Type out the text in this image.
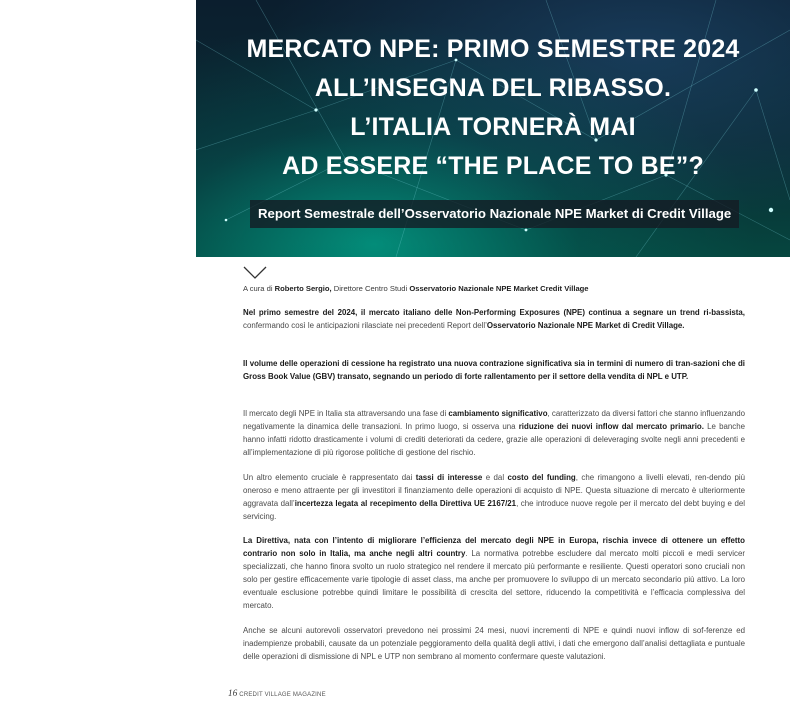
MERCATO NPE: PRIMO SEMESTRE 2024
ALL’INSEGNA DEL RIBASSO.
L’ITALIA TORNERÀ MAI
AD ESSERE “THE PLACE TO BE”?
Report Semestrale dell’Osservatorio Nazionale NPE Market di Credit Village
A cura di Roberto Sergio, Direttore Centro Studi Osservatorio Nazionale NPE Market Credit Village

Nel primo semestre del 2024, il mercato italiano delle Non-Performing Exposures (NPE) continua a segnare un trend ri-bassista, confermando così le anticipazioni rilasciate nei precedenti Report dell’Osservatorio Nazionale NPE Market di Credit Village.

Il volume delle operazioni di cessione ha registrato una nuova contrazione significativa sia in termini di numero di tran-sazioni che di Gross Book Value (GBV) transato, segnando un periodo di forte rallentamento per il settore della vendita di NPL e UTP.

Il mercato degli NPE in Italia sta attraversando una fase di cambiamento significativo, caratterizzato da diversi fattori che stanno influenzando negativamente la dinamica delle transazioni. In primo luogo, si osserva una riduzione dei nuovi inflow dal mercato primario. Le banche hanno infatti ridotto drasticamente i volumi di crediti deteriorati da cedere, grazie alle operazioni di deleveraging svolte negli anni precedenti e all’implementazione di più rigorose politiche di gestione del rischio.

Un altro elemento cruciale è rappresentato dai tassi di interesse e dal costo del funding, che rimangono a livelli elevati, ren-dendo più oneroso e meno attraente per gli investitori il finanziamento delle operazioni di acquisto di NPE. Questa situazione di mercato è ulteriormente aggravata dall’incertezza legata al recepimento della Direttiva UE 2167/21, che introduce nuove regole per il mercato del debt buying e del servicing.

La Direttiva, nata con l’intento di migliorare l’efficienza del mercato degli NPE in Europa, rischia invece di ottenere un effetto contrario non solo in Italia, ma anche negli altri country. La normativa potrebbe escludere dal mercato molti piccoli e medi servicer specializzati, che hanno finora svolto un ruolo strategico nel rendere il mercato più performante e resiliente. Questi operatori sono cruciali non solo per gestire efficacemente varie tipologie di asset class, ma anche per promuovere lo sviluppo di un mercato secondario più attivo. La loro eventuale esclusione potrebbe quindi limitare le possibilità di crescita del settore, riducendo la competitività e l’efficacia complessiva del mercato.

Anche se alcuni autorevoli osservatori prevedono nei prossimi 24 mesi, nuovi incrementi di NPE e quindi nuovi inflow di sof-ferenze ed inadempienze probabili, causate da un potenziale peggioramento della qualità degli attivi, i dati che emergono dall’analisi dettagliata e puntuale delle operazioni di dismissione di NPL e UTP non sembrano al momento confermare queste valutazioni.

16 CREDIT VILLAGE MAGAZINE
